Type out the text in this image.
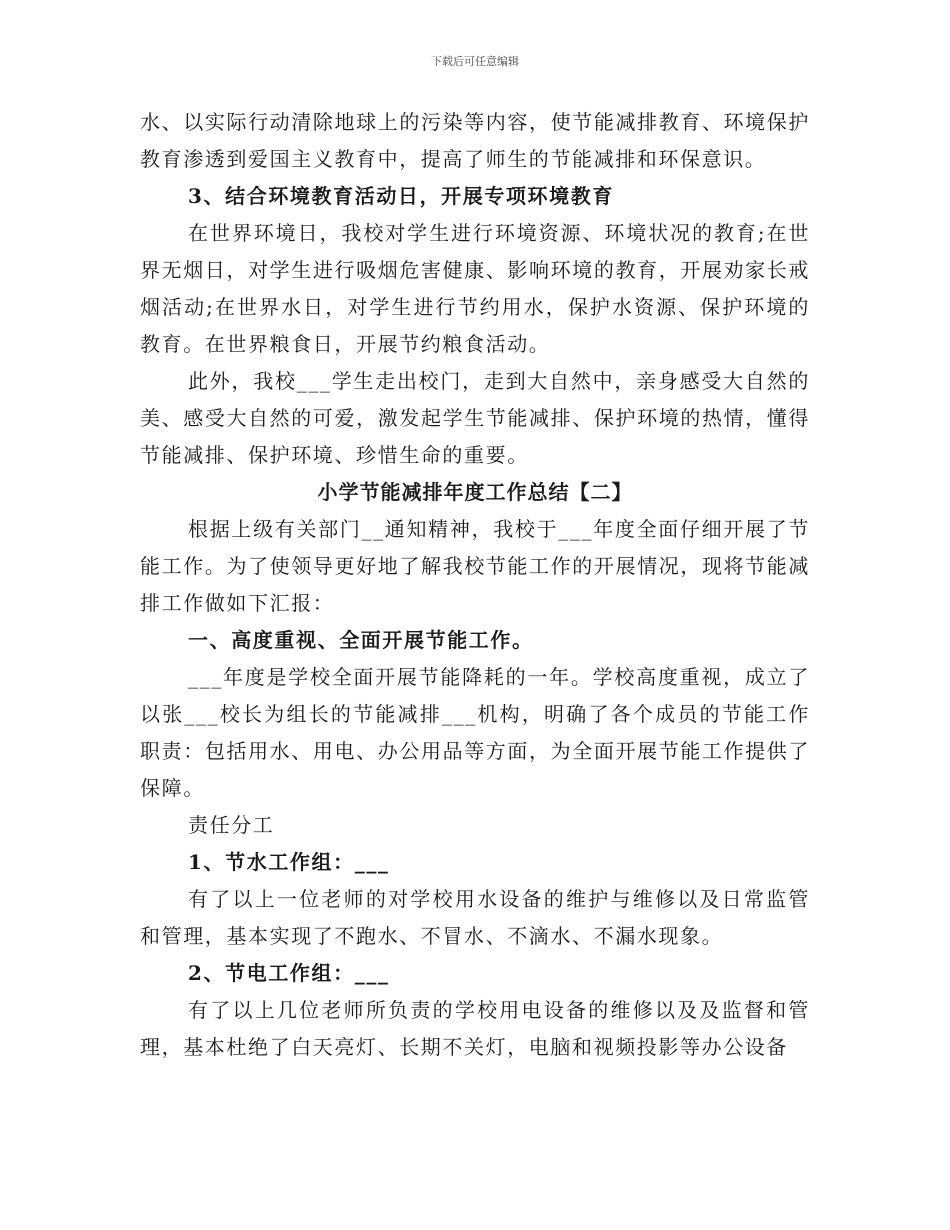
下载后可任意编辑

水、以实际行动清除地球上的污染等内容，使节能减排教育、环境保护教育渗透到爱国主义教育中，提高了师生的节能减排和环保意识。

3、结合环境教育活动日，开展专项环境教育

在世界环境日，我校对学生进行环境资源、环境状况的教育;在世界无烟日，对学生进行吸烟危害健康、影响环境的教育，开展劝家长戒烟活动;在世界水日，对学生进行节约用水，保护水资源、保护环境的教育。在世界粮食日，开展节约粮食活动。

此外，我校___学生走出校门，走到大自然中，亲身感受大自然的美、感受大自然的可爱，激发起学生节能减排、保护环境的热情，懂得节能减排、保护环境、珍惜生命的重要。

小学节能减排年度工作总结【二】

根据上级有关部门__通知精神，我校于___年度全面仔细开展了节能工作。为了使领导更好地了解我校节能工作的开展情况，现将节能减排工作做如下汇报：

一、高度重视、全面开展节能工作。

___年度是学校全面开展节能降耗的一年。学校高度重视，成立了以张___校长为组长的节能减排___机构，明确了各个成员的节能工作职责：包括用水、用电、办公用品等方面，为全面开展节能工作提供了保障。

责任分工

1、节水工作组：___

有了以上一位老师的对学校用水设备的维护与维修以及日常监管和管理，基本实现了不跑水、不冒水、不滴水、不漏水现象。

2、节电工作组：___

有了以上几位老师所负责的学校用电设备的维修以及及监督和管理，基本杜绝了白天亮灯、长期不关灯，电脑和视频投影等办公设备
